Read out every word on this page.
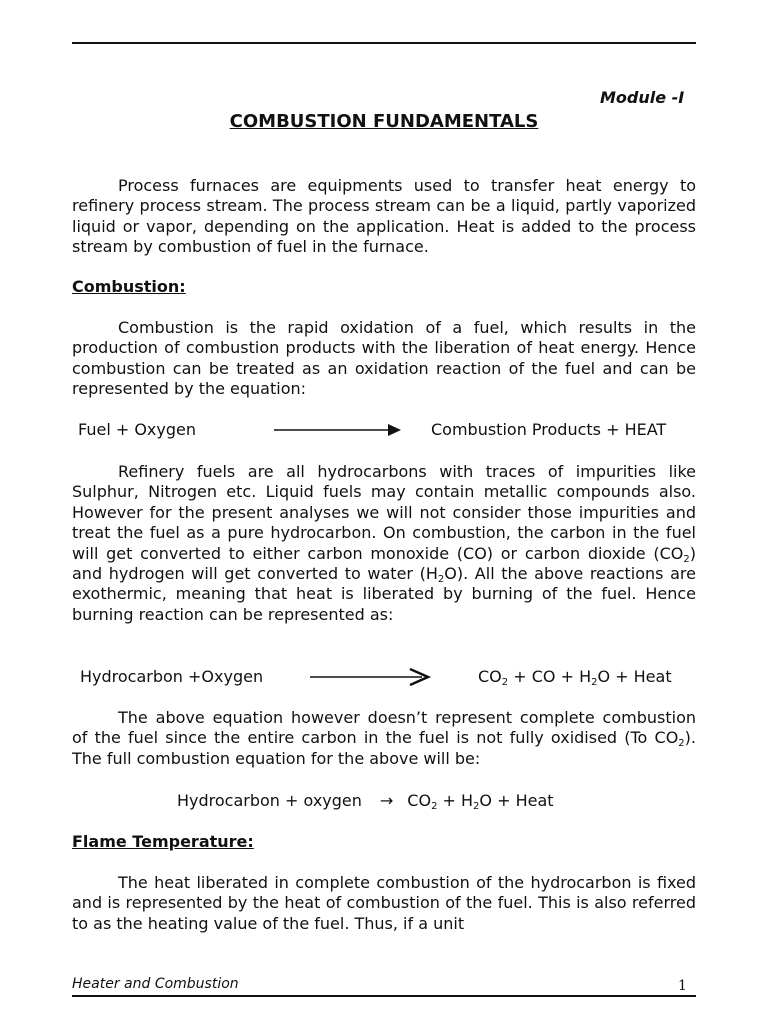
Module -I
COMBUSTION FUNDAMENTALS
Process furnaces are equipments used to transfer heat energy to refinery process stream. The process stream can be a liquid, partly vaporized liquid or vapor, depending on the application. Heat is added to the process stream by combustion of fuel in the furnace.
Combustion:
Combustion is the rapid oxidation of a fuel, which results in the production of combustion products with the liberation of heat energy. Hence combustion can be treated as an oxidation reaction of the fuel and can be represented by the equation:
Fuel + Oxygen	Combustion Products + HEAT
Refinery fuels are all hydrocarbons with traces of impurities like Sulphur, Nitrogen etc. Liquid fuels may contain metallic compounds also. However for the present analyses we will not consider those impurities and treat the fuel as a pure hydrocarbon. On combustion, the carbon in the fuel will get converted to either carbon monoxide (CO) or carbon dioxide $(CO_2)$ and hydrogen will get converted to water $(H_2O)$. All the above reactions are exothermic, meaning that heat is liberated by burning of the fuel. Hence burning reaction can be represented as:
Hydrocarbon +Oxygen	$CO_2$ + CO + $H_2O$ + Heat
The above equation however doesn’t represent complete combustion of the fuel since the entire carbon in the fuel is not fully oxidised (To $CO_2$). The full combustion equation for the above will be:
Hydrocarbon + oxygen → $CO_2 + H_2O$ + Heat
Flame Temperature:
The heat liberated in complete combustion of the hydrocarbon is fixed and is represented by the heat of combustion of the fuel. This is also referred to as the heating value of the fuel. Thus, if a unit
Heater and Combustion	1
